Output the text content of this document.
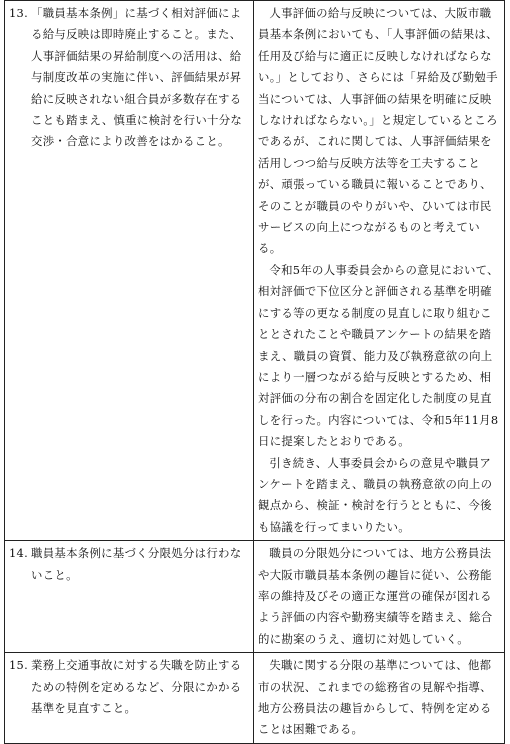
13. 「職員基本条例」に基づく相対評価による給与反映は即時廃止すること。また、人事評価結果の昇給制度への活用は、給与制度改革の実施に伴い、評価結果が昇給に反映されない組合員が多数存在することも踏まえ、慎重に検討を行い十分な交渉・合意により改善をはかること。	人事評価の給与反映については、大阪市職員基本条例においても、「人事評価の結果は、任用及び給与に適正に反映しなければならない。」としており、さらには「昇給及び勤勉手当については、人事評価の結果を明確に反映しなければならない。」と規定しているところであるが、これに関しては、人事評価結果を活用しつつ給与反映方法等を工夫することが、頑張っている職員に報いることであり、そのことが職員のやりがいや、ひいては市民サービスの向上につながるものと考えている。

令和5年の人事委員会からの意見において、相対評価で下位区分と評価される基準を明確にする等の更なる制度の見直しに取り組むこととされたことや職員アンケートの結果を踏まえ、職員の資質、能力及び執務意欲の向上により一層つながる給与反映とするため、相対評価の分布の割合を固定化した制度の見直しを行った。内容については、令和5年11月8日に提案したとおりである。

引き続き、人事委員会からの意見や職員アンケートを踏まえ、職員の執務意欲の向上の観点から、検証・検討を行うとともに、今後も協議を行ってまいりたい。

14. 職員基本条例に基づく分限処分は行わないこと。	職員の分限処分については、地方公務員法や大阪市職員基本条例の趣旨に従い、公務能率の維持及びその適正な運営の確保が図れるよう評価の内容や勤務実績等を踏まえ、総合的に勘案のうえ、適切に対処していく。

15. 業務上交通事故に対する失職を防止するための特例を定めるなど、分限にかかる基準を見直すこと。	失職に関する分限の基準については、他都市の状況、これまでの総務省の見解や指導、地方公務員法の趣旨からして、特例を定めることは困難である。
